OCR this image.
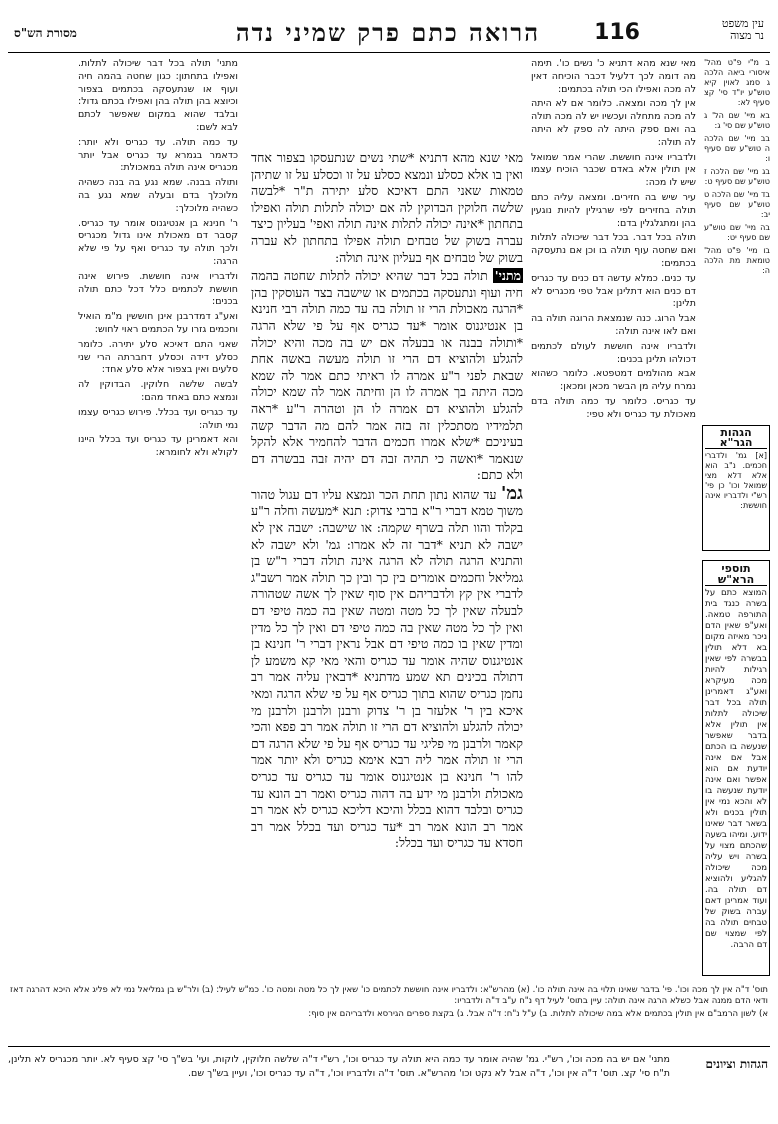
עין משפט
נר מצוה
116
הרואה כתם פרק שמיני נדה
מסורת הש"ס

ב מ"י פ"ט מהל' איסורי ביאה הלכה ג סמג לאוין קיא טוש"ע יו"ד סי' קצ סעיף לא:

בא מיי' שם הל' ג טוש"ע שם סי' ג:

בב מיי' שם הלכה ה טוש"ע שם סעיף ו:

בג מיי' שם הלכה ז טוש"ע שם סעיף ט:

בד מיי' שם הלכה ט טוש"ע שם סעיף יב:

בה מיי' שם טוש"ע שם סעיף יט:

בו מיי' פ"ט מהל' טומאת מת הלכה ה:

הגהות הגר"א
[א] גמ' ולדברי חכמים. נ"ב הוא אלא דלא מצי שמואל וכו' כן פי' רש"י ולדבריו אינה חוששת:
תוספי הרא"ש
המוצא כתם על בשרה כנגד בית התורפה טמאה. ואע"פ שאין הדם ניכר מאיזה מקום בא דלא תולין בבשרה לפי שאין רגילות להיות מכה מעיקרא ואע"ג דאמרינן תולה בכל דבר שיכולה לתלות אין תולין אלא בדבר שאפשר שנעשה בו הכתם אבל אם אינה יודעת אם הוא אפשר ואם אינה יודעת שנעשה בו לא והכא נמי אין תולין בכנים ולא בשאר דבר שאינו ידוע. ומיהו בשעה שהכתם מצוי על בשרה ויש עליה מכה שיכולה להגליע ולהוציא דם תולה בה. ועוד אמרינן דאם עברה בשוק של טבחים תולה בה לפי שמצוי שם דם הרבה.

מאי שנא מהא דתניא כ' נשים כו'. תימה מה דומה לכך דלעיל דכבר הוכיחה דאין לה מכה ואפילו הכי תולה בכתמים:

אין לך מכה ומצאה. כלומר אם לא היתה לה מכה מתחלה ועכשיו יש לה מכה תולה בה ואם ספק היתה לה ספק לא היתה לה תולה:

ולדבריו אינה חוששת. שהרי אמר שמואל אין תולין אלא באדם שכבר הוכיח עצמו שיש לו מכה:

עיר שיש בה חזירים. ומצאה עליה כתם תולה בחזירים לפי שרגילין להיות נוגעין בהן ומתגלגלין בדם:

תולה בכל דבר. בכל דבר שיכולה לתלות ואם שחטה עוף תולה בו וכן אם נתעסקה בכתמים:

עד כנים. כמלא עדשה דם כנים עד כגריס דם כנים הוא דתלינן אבל טפי מכגריס לא תלינן:

אבל הרוג. כנה שנמצאת הרוגה תולה בה ואם לאו אינה תולה:

ולדבריו אינה חוששת לעולם לכתמים דכולהו תלינן בכנים:

אבא מהולמים דמטפטא. כלומר כשהוא נמרח עליה מן הבשר מכאן ומכאן:

עד כגריס. כלומר עד כמה תולה בדם מאכולת עד כגריס ולא טפי:

מאי שנא מהא דתניא *שתי נשים שנתעסקו בצפור אחד ואין בו אלא כסלע ונמצא כסלע על זו וכסלע על זו שתיהן טמאות שאני התם דאיכא סלע יתירה ת"ר *לבשה שלשה חלוקין הבדוקין לה אם יכולה לתלות תולה ואפילו בתחתון *אינה יכולה לתלות אינה תולה ואפי' בעליון כיצד עברה בשוק של טבחים תולה אפילו בתחתון לא עברה בשוק של טבחים אף בעליון אינה תולה:

מתני' תולה בכל דבר שהיא יכולה לתלות שחטה בהמה חיה ועוף ונתעסקה בכתמים או שישבה בצד העוסקין בהן *הרגה מאכולת הרי זו תולה בה עד כמה תולה רבי חנינא בן אנטיגנוס אומר *עד כגריס אף על פי שלא הרגה *ותולה בבנה או בבעלה אם יש בה מכה והיא יכולה להגלע ולהוציא דם הרי זו תולה מעשה באשה אחת שבאת לפני ר"ע אמרה לו ראיתי כתם אמר לה שמא מכה היתה בך אמרה לו הן וחיתה אמר לה שמא יכולה להגלע ולהוציא דם אמרה לו הן וטהרה ר"ע *ראה תלמידיו מסתכלין זה בזה אמר להם מה הדבר קשה בעיניכם *שלא אמרו חכמים הדבר להחמיר אלא להקל שנאמר *ואשה כי תהיה זבה דם יהיה זבה בבשרה דם ולא כתם:

גמ' עד שהוא נתון תחת הכר ונמצא עליו דם עגול טהור משוך טמא דברי ר"א ברבי צדוק: תנא *מעשה וחלה ר"ע בקלוד והוו תלה בשרף שקמה: או שישבה: ישבה אין לא ישבה לא תניא *דבר זה לא אמרו: גמ' ולא ישבה לא והתניא הרגה תולה לא הרגה אינה תולה דברי ר"ש בן גמליאל וחכמים אומרים בין כך ובין כך תולה אמר רשב"ג לדברי אין קץ ולדבריהם אין סוף שאין לך אשה שטהורה לבעלה שאין לך כל מטה ומטה שאין בה כמה טיפי דם ואין לך כל מטה שאין בה כמה טיפי דם ואין לך כל מדין ומדין שאין בו כמה טיפי דם אבל נראין דברי ר' חנינא בן אנטיגנוס שהיה אומר עד כגריס והאי מאי קא משמע לן דתולה בכינים תא שמע מדתניא *דבאין עליה אמר רב נחמן כגריס שהוא בתוך כגריס אף על פי שלא הרגה ומאי איכא בין ר' אלעזר בן ר' צדוק ורבנן ולרבנן ולרבנן מי יכולה להגלע ולהוציא דם הרי זו תולה אמר רב פפא והכי קאמר ולרבנן מי פליגי עד כגריס אף על פי שלא הרגה דם הרי זו תולה אמר ליה רבא אימא כגריס ולא יותר אמר להו ר' חנינא בן אנטיגנוס אומר עד כגריס עד כגריס מאכולת ולרבנן מי ידע בה דהוה כגריס ואמר רב הונא עד כגריס ובלבד דהוא בכלל והיכא דליכא כגריס לא אמר רב אמר רב הונא אמר רב *עד כגריס ועד בכלל אמר רב חסדא עד כגריס ועד בכלל:

מתני' תולה בכל דבר שיכולה לתלות. ואפילו בתחתון: כגון שחטה בהמה חיה ועוף או שנתעסקה בכתמים בצפור וכיוצא בהן תולה בהן ואפילו בכתם גדול: ובלבד שהוא במקום שאפשר לכתם לבא לשם:

עד כמה תולה. עד כגריס ולא יותר: כדאמר בגמרא עד כגריס אבל יותר מכגריס אינה תולה במאכולת:

ותולה בבנה. שמא נגע בה בנה כשהיה מלוכלך בדם ובעלה שמא נגע בה כשהיה מלוכלך:

ר' חנינא בן אנטיגנוס אומר עד כגריס. קסבר דם מאכולת אינו גדול מכגריס ולכך תולה עד כגריס ואף על פי שלא הרגה:

ולדבריו אינה חוששת. פירוש אינה חוששת לכתמים כלל דכל כתם תולה בכנים:

ואע"ג דמדרבנן אינן חוששין מ"מ הואיל וחכמים גזרו על הכתמים ראוי לחוש:

שאני התם דאיכא סלע יתירה. כלומר כסלע דידה וכסלע דחברתה הרי שני סלעים ואין בצפור אלא סלע אחד:

לבשה שלשה חלוקין. הבדוקין לה ונמצא כתם באחד מהם:

עד כגריס ועד בכלל. פירוש כגריס עצמו נמי תולה:

והא דאמרינן עד כגריס ועד בכלל היינו לקולא ולא לחומרא:

תוס' ד"ה אין לך מכה וכו'. פי' בדבר שאינו תלוי בה אינה תולה כו'. (א) מהרש"א: ולדבריו אינה חוששת לכתמים כו' שאין לך כל מטה ומטה כו'. כמ"ש לעיל: (ב) ולר"ש בן גמליאל נמי לא פליג אלא היכא דהרגה דאז ודאי הדם ממנה אבל כשלא הרגה אינה תולה: עיין בתוס' לעיל דף נ"ח ע"ב ד"ה ולדבריו:

א) לשון הרמב"ם אין תולין בכתמים אלא במה שיכולה לתלות. ב) ע"ל נ"ח: ד"ה אבל. ג) בקצת ספרים הגירסא ולדבריהם אין סוף:

הגהות וציונים
מתני' אם יש בה מכה וכו', רש"י. גמ' שהיה אומר עד כמה היא תולה עד כגריס וכו', רש"י ד"ה שלשה חלוקין, לוקות, ועי' בש"ך סי' קצ סעיף לא. יותר מכגריס לא תלינן, ת"ח סי' קצ. תוס' ד"ה אין וכו', ד"ה אבל לא נקט וכו' מהרש"א. תוס' ד"ה ולדבריו וכו', ד"ה עד כגריס וכו', ועיין בש"ך שם.
